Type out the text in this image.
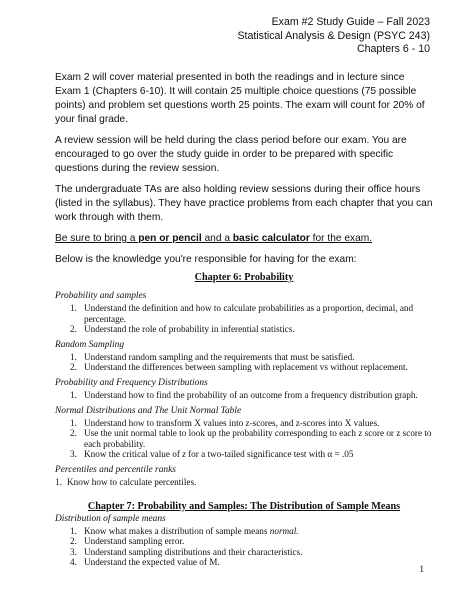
Exam #2 Study Guide – Fall 2023
Statistical Analysis & Design (PSYC 243)
Chapters 6 - 10

Exam 2 will cover material presented in both the readings and in lecture since Exam 1 (Chapters 6-10). It will contain 25 multiple choice questions (75 possible points) and problem set questions worth 25 points. The exam will count for 20% of your final grade.

A review session will be held during the class period before our exam. You are encouraged to go over the study guide in order to be prepared with specific questions during the review session.

The undergraduate TAs are also holding review sessions during their office hours (listed in the syllabus). They have practice problems from each chapter that you can work through with them.

Be sure to bring a pen or pencil and a basic calculator for the exam.

Below is the knowledge you're responsible for having for the exam:

Chapter 6: Probability
Probability and samples
1. Understand the definition and how to calculate probabilities as a proportion, decimal, and percentage.
2. Understand the role of probability in inferential statistics.
Random Sampling
1. Understand random sampling and the requirements that must be satisfied.
2. Understand the differences between sampling with replacement vs without replacement.
Probability and Frequency Distributions
1. Understand how to find the probability of an outcome from a frequency distribution graph.
Normal Distributions and The Unit Normal Table
1. Understand how to transform X values into z-scores, and z-scores into X values.
2. Use the unit normal table to look up the probability corresponding to each z score or z score to each probability.
3. Know the critical value of z for a two-tailed significance test with α = .05
Percentiles and percentile ranks
1. Know how to calculate percentiles.
Chapter 7: Probability and Samples: The Distribution of Sample Means
Distribution of sample means
1. Know what makes a distribution of sample means normal.
2. Understand sampling error.
3. Understand sampling distributions and their characteristics.
4. Understand the expected value of M.
1
